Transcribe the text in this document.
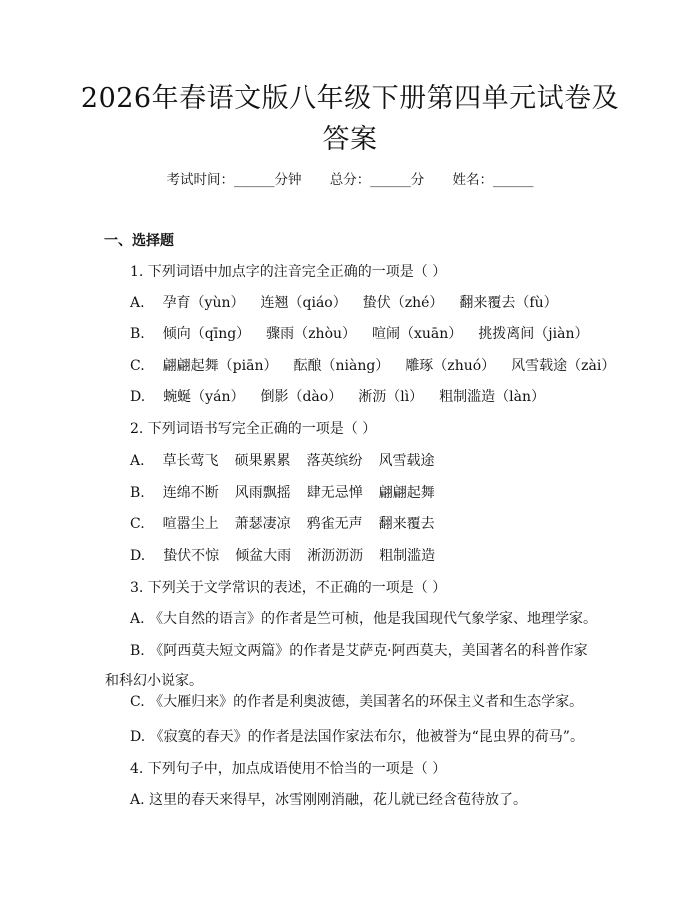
2026年春语文版八年级下册第四单元试卷及
答案
考试时间：______分钟 总分：______分 姓名：______
一、选择题
1. 下列词语中加点字的注音完全正确的一项是（ ）
A. 孕育（yùn） 连翘（qiáo） 蛰伏（zhé） 翻来覆去（fù）
B. 倾向（qīng） 骤雨（zhòu） 喧闹（xuān） 挑拨离间（jiàn）
C. 翩翩起舞（piān） 酝酿（niàng） 雕琢（zhuó） 风雪载途（zài）
D. 蜿蜒（yán） 倒影（dào） 淅沥（lì） 粗制滥造（làn）
2. 下列词语书写完全正确的一项是（ ）
A. 草长莺飞 硕果累累 落英缤纷 风雪载途
B. 连绵不断 风雨飘摇 肆无忌惮 翩翩起舞
C. 喧嚣尘上 萧瑟凄凉 鸦雀无声 翻来覆去
D. 蛰伏不惊 倾盆大雨 淅沥沥沥 粗制滥造
3. 下列关于文学常识的表述，不正确的一项是（ ）
A. 《大自然的语言》的作者是竺可桢，他是我国现代气象学家、地理学家。
B. 《阿西莫夫短文两篇》的作者是艾萨克·阿西莫夫，美国著名的科普作家和科幻小说家。
C. 《大雁归来》的作者是利奥波德，美国著名的环保主义者和生态学家。
D. 《寂寞的春天》的作者是法国作家法布尔，他被誉为“昆虫界的荷马”。
4. 下列句子中，加点成语使用不恰当的一项是（ ）
A. 这里的春天来得早，冰雪刚刚消融，花儿就已经含苞待放了。
